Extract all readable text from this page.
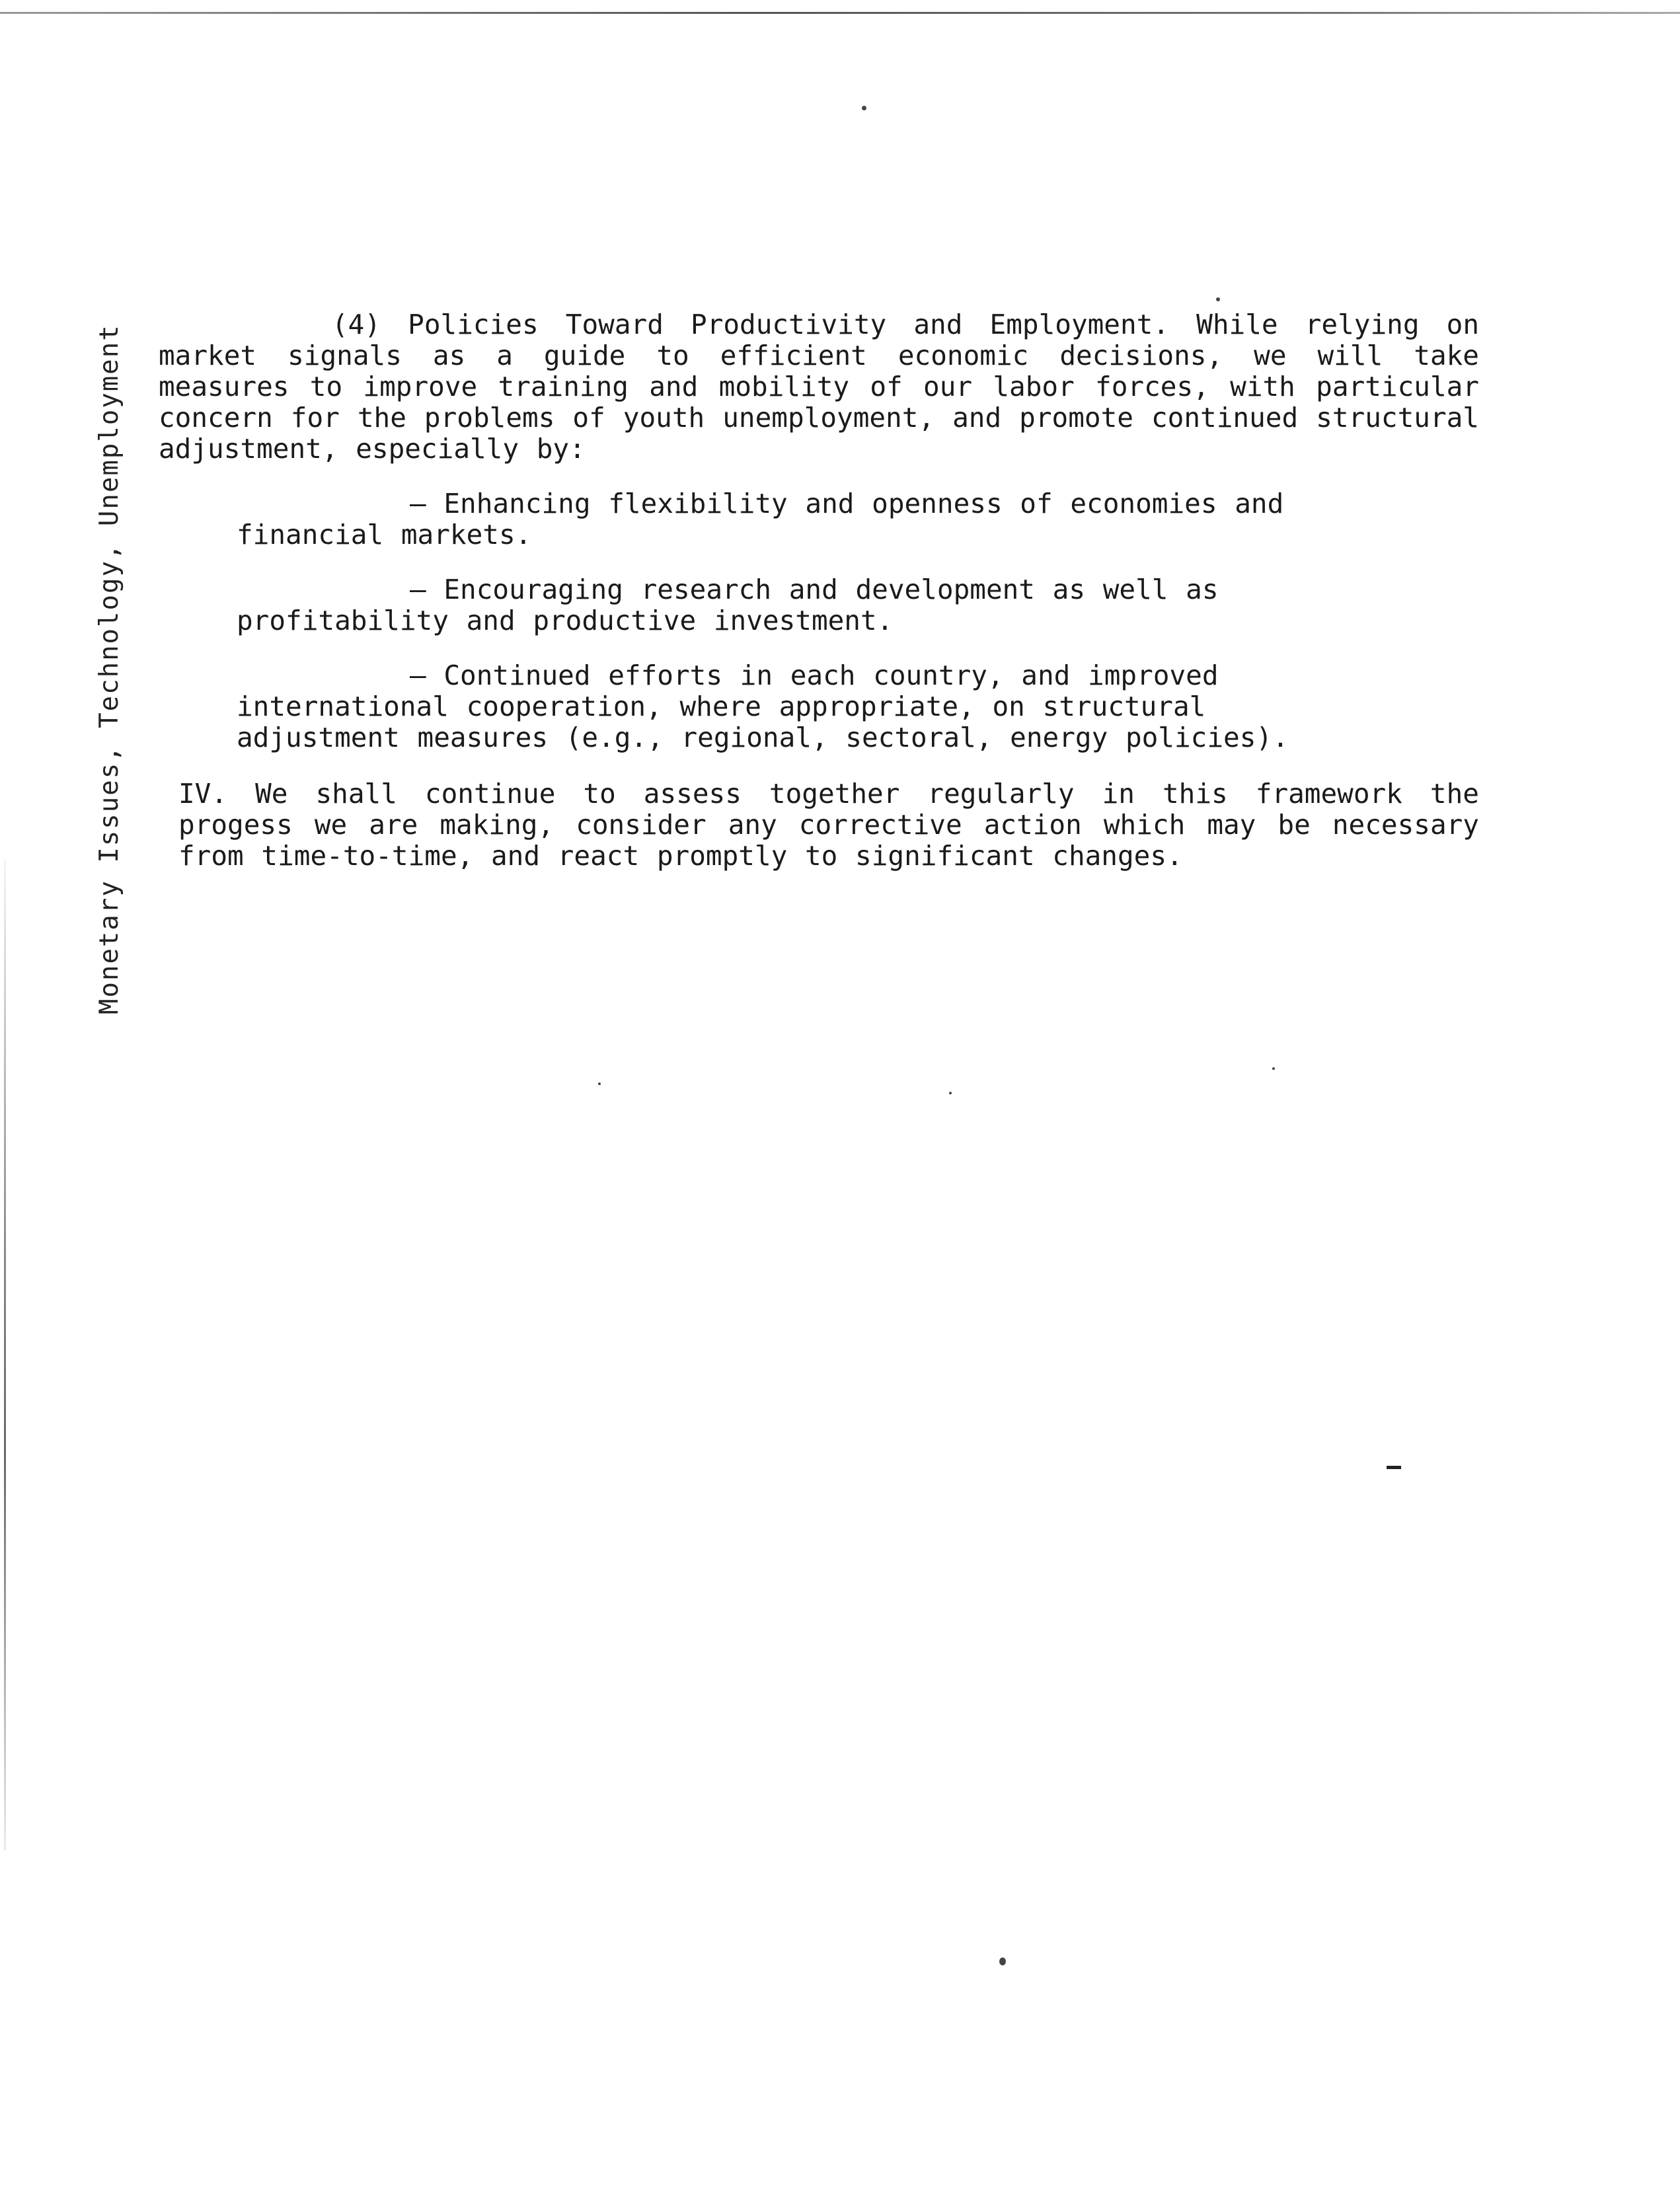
Monetary Issues, Technology, Unemployment	(4) Policies Toward Productivity and Employment. While relying on market signals as a guide to efficient economic decisions, we will take measures to improve training and mobility of our labor forces, with particular concern for the problems of youth unemployment, and promote continued structural adjustment, especially by:

— Enhancing flexibility and openness of economies and financial markets.

— Encouraging research and development as well as profitability and productive investment.

— Continued efforts in each country, and improved international cooperation, where appropriate, on structural adjustment measures (e.g., regional, sectoral, energy policies).

IV. We shall continue to assess together regularly in this framework the progess we are making, consider any corrective action which may be necessary from time-to-time, and react promptly to significant changes.
